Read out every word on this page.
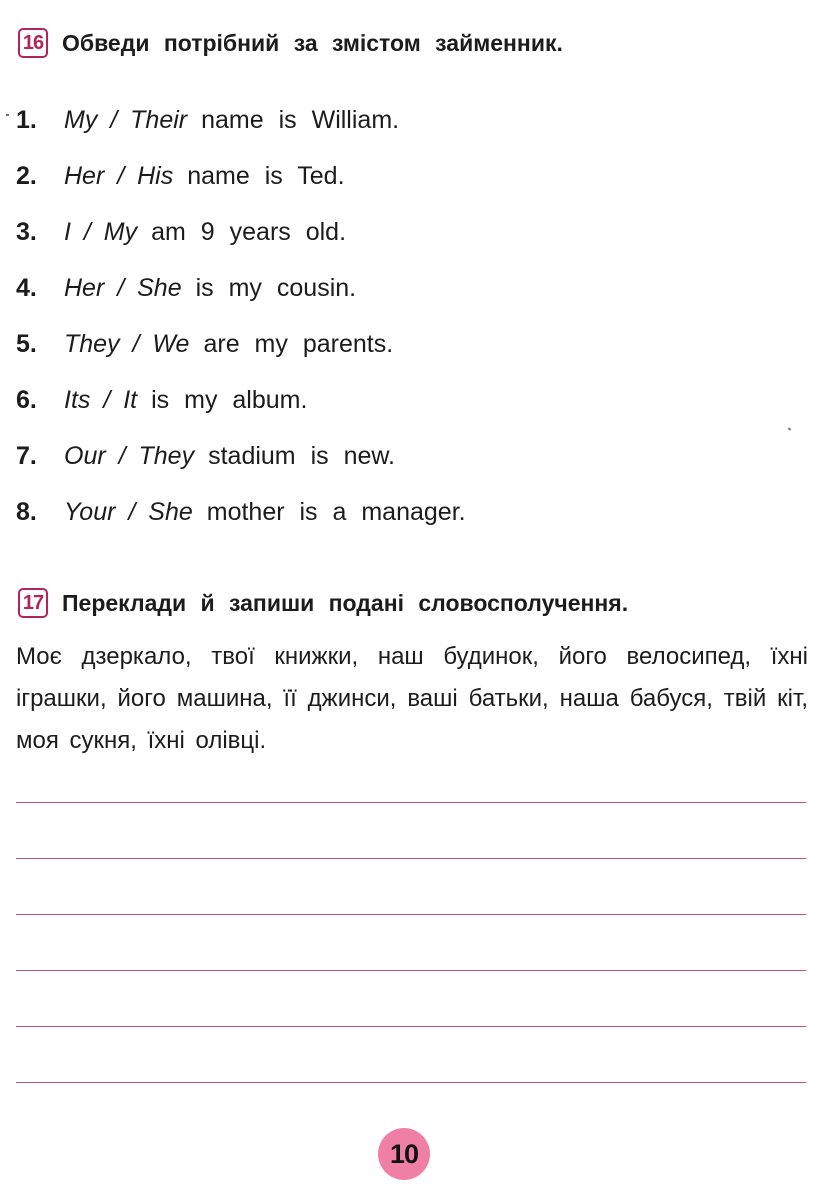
16 Обведи потрібний за змістом займенник.
1.	My / Their name is William.
2.	Her / His name is Ted.
3.	I / My am 9 years old.
4.	Her / She is my cousin.
5.	They / We are my parents.
6.	Its / It is my album.
7.	Our / They stadium is new.
8.	Your / She mother is a manager.
17 Переклади й запиши подані словосполучення.

Моє дзеркало, твої книжки, наш будинок, його велосипед, їхні іграшки, його машина, її джинси, ваші батьки, наша бабуся, твій кіт, моя сукня, їхні олівці.

10
